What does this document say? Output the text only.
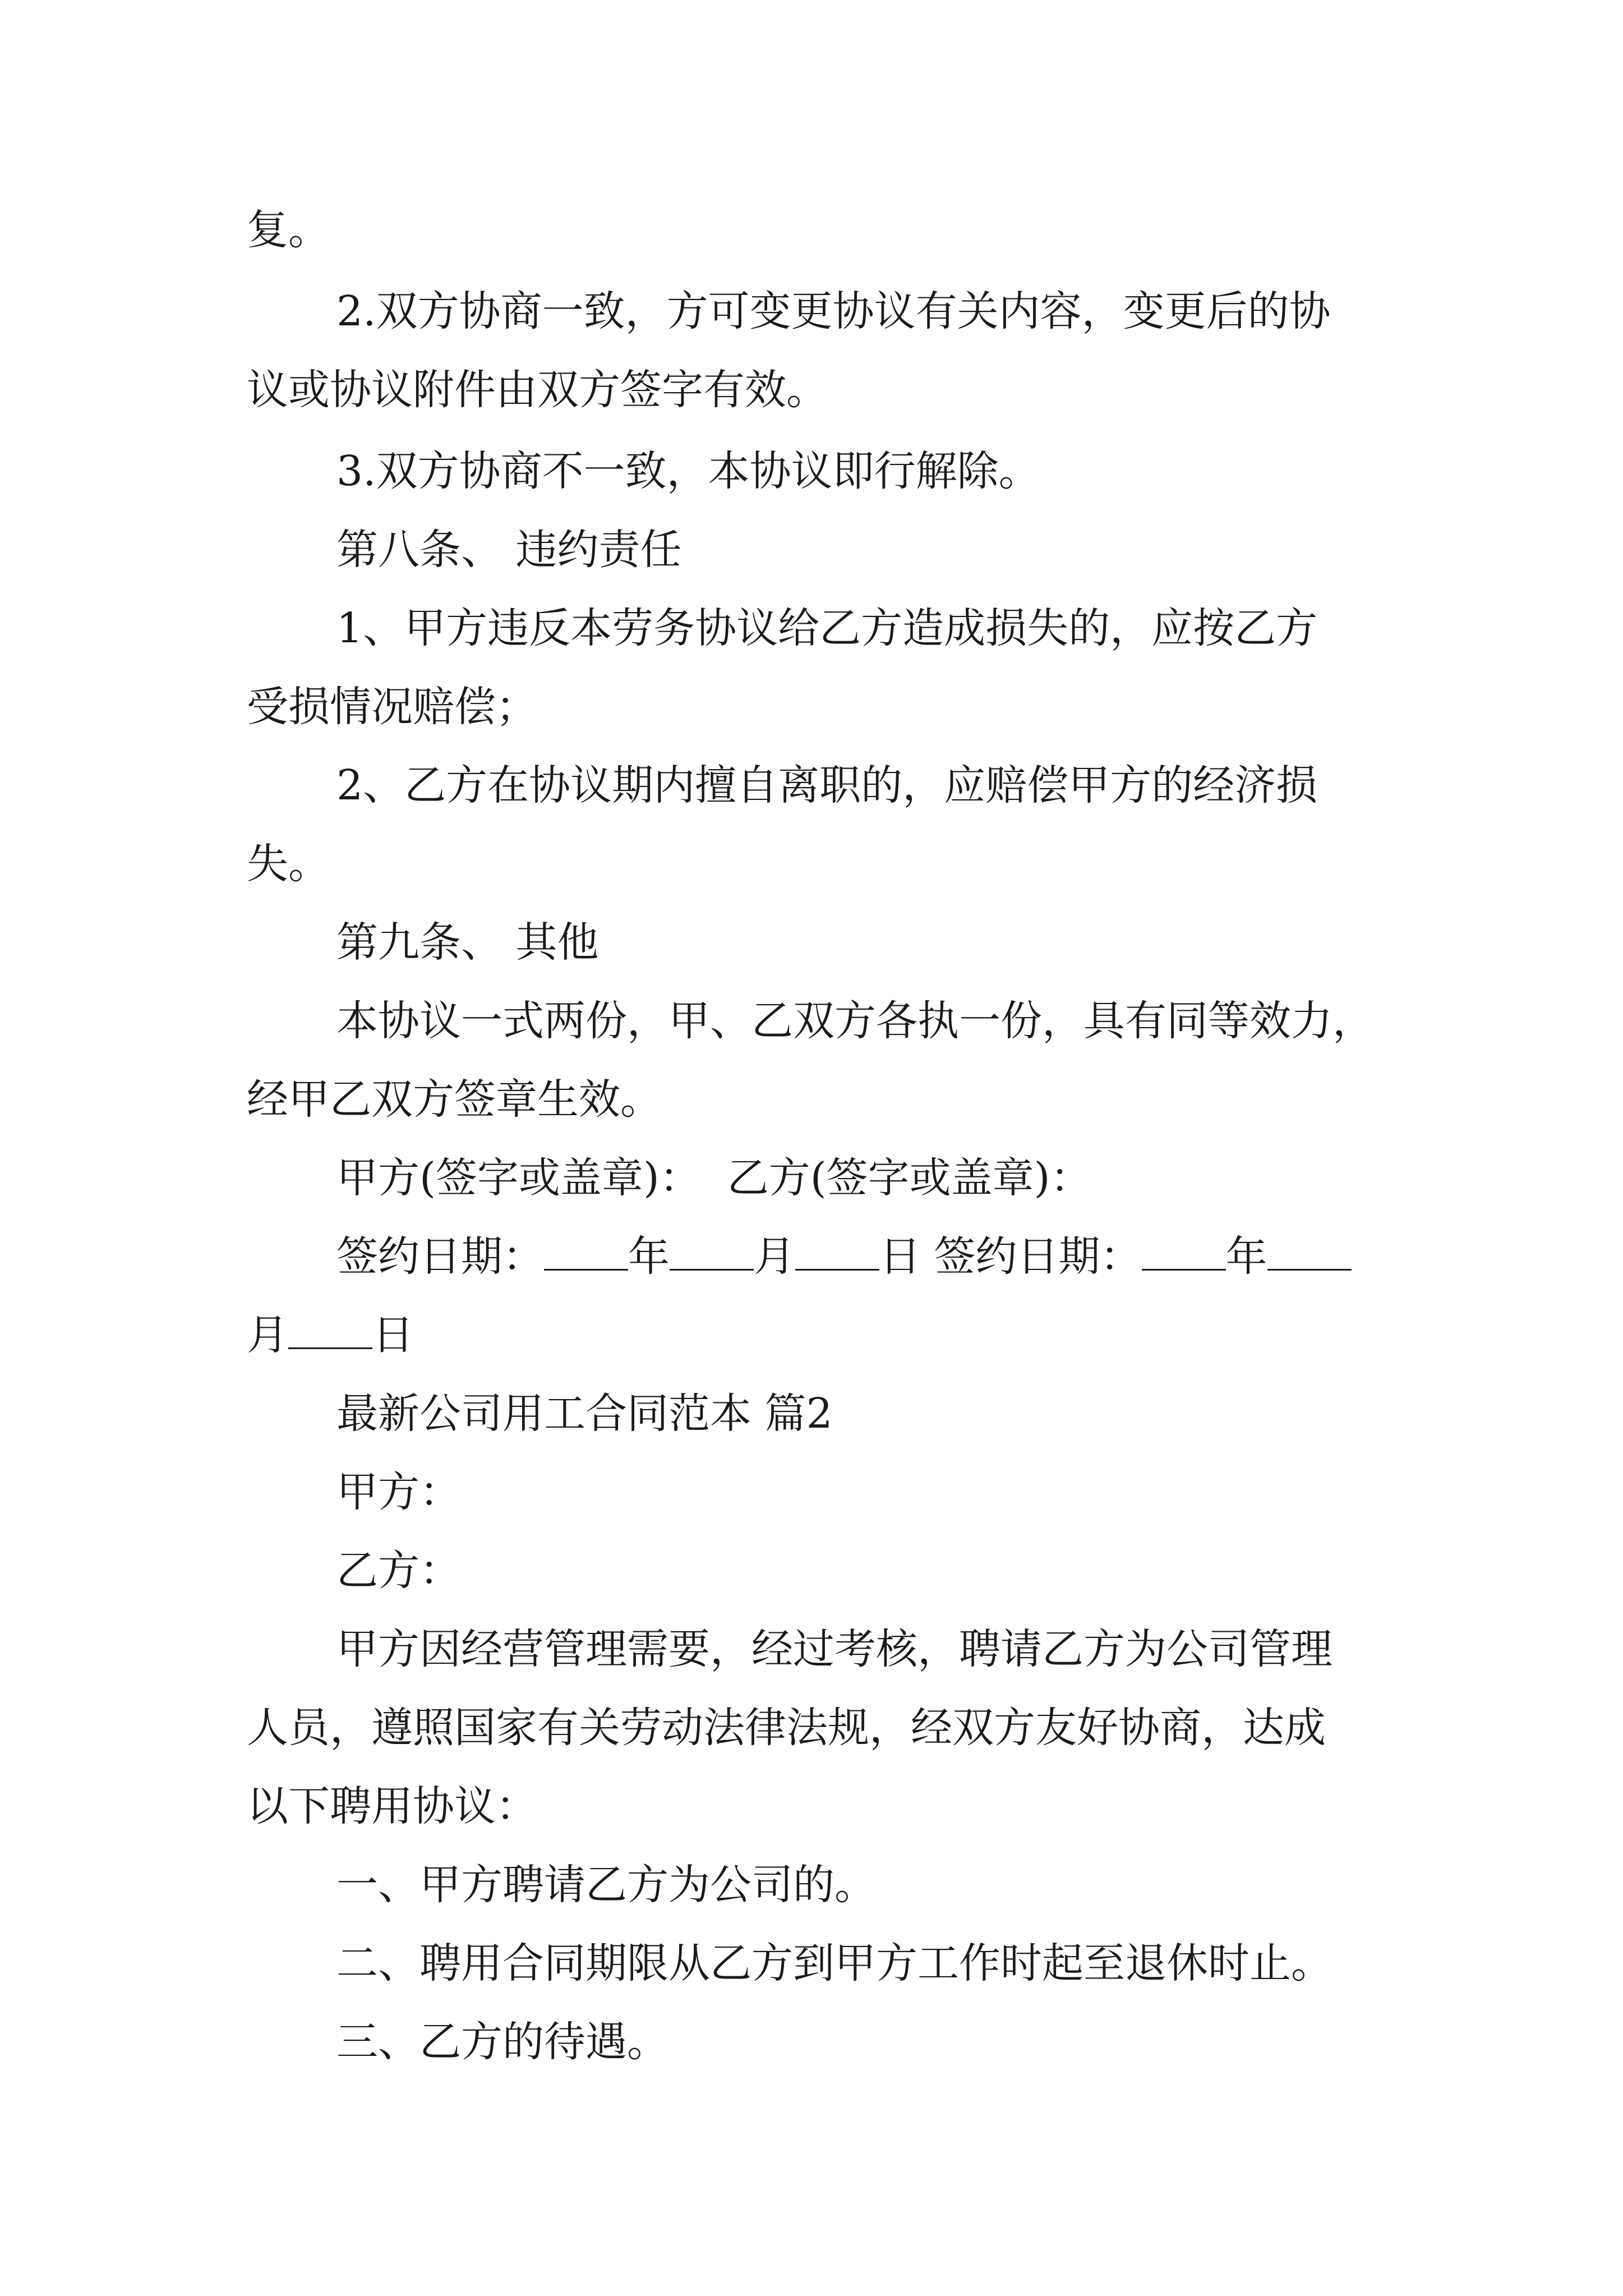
复。

2.双方协商一致，方可变更协议有关内容，变更后的协

议或协议附件由双方签字有效。

3.双方协商不一致，本协议即行解除。

第八条、 违约责任

1、甲方违反本劳务协议给乙方造成损失的，应按乙方

受损情况赔偿；

2、乙方在协议期内擅自离职的，应赔偿甲方的经济损

失。

第九条、 其他

本协议一式两份，甲、乙双方各执一份，具有同等效力，

经甲乙双方签章生效。

甲方(签字或盖章)：  乙方(签字或盖章)：

签约日期： 年 月 日 签约日期： 年

月 日

最新公司用工合同范本 篇2

甲方：

乙方：

甲方因经营管理需要，经过考核，聘请乙方为公司管理

人员，遵照国家有关劳动法律法规，经双方友好协商，达成

以下聘用协议：

一、甲方聘请乙方为公司的。

二、聘用合同期限从乙方到甲方工作时起至退休时止。

三、乙方的待遇。
